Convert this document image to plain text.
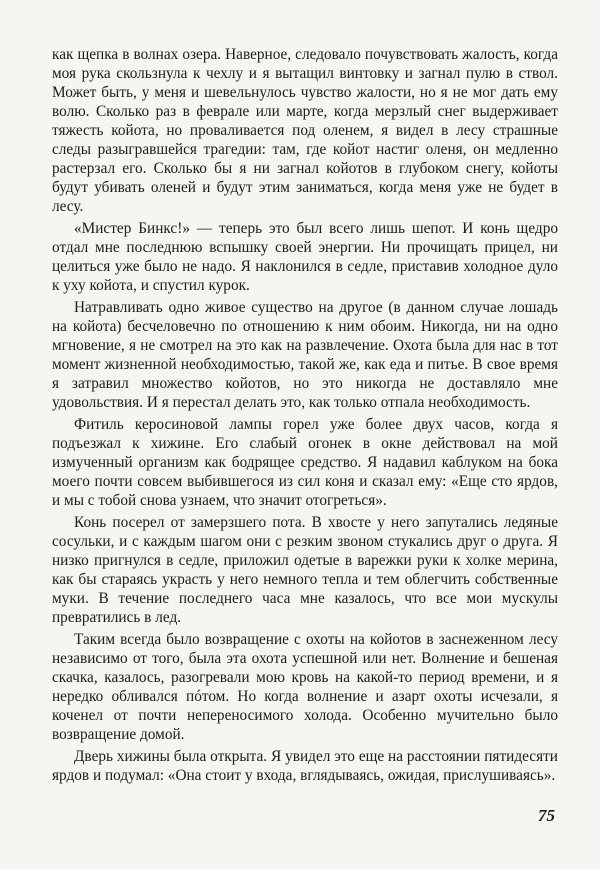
как щепка в волнах озера. Наверное, следовало почувствовать жалость, когда моя рука скользнула к чехлу и я вытащил винтовку и загнал пулю в ствол. Может быть, у меня и шевельнулось чувство жалости, но я не мог дать ему волю. Сколько раз в феврале или марте, когда мерзлый снег выдерживает тяжесть койота, но проваливается под оленем, я видел в лесу страшные следы разыгравшейся трагедии: там, где койот настиг оленя, он медленно растерзал его. Сколько бы я ни загнал койотов в глубоком снегу, койоты будут убивать оленей и будут этим заниматься, когда меня уже не будет в лесу.

«Мистер Бинкс!» — теперь это был всего лишь шепот. И конь щедро отдал мне последнюю вспышку своей энергии. Ни прочищать прицел, ни целиться уже было не надо. Я наклонился в седле, приставив холодное дуло к уху койота, и спустил курок.

Натравливать одно живое существо на другое (в данном случае лошадь на койота) бесчеловечно по отношению к ним обоим. Никогда, ни на одно мгновение, я не смотрел на это как на развлечение. Охота была для нас в тот момент жизненной необходимостью, такой же, как еда и питье. В свое время я затравил множество койотов, но это никогда не доставляло мне удовольствия. И я перестал делать это, как только отпала необходимость.

Фитиль керосиновой лампы горел уже более двух часов, когда я подъезжал к хижине. Его слабый огонек в окне действовал на мой измученный организм как бодрящее средство. Я надавил каблуком на бока моего почти совсем выбившегося из сил коня и сказал ему: «Еще сто ярдов, и мы с тобой снова узнаем, что значит отогреться».

Конь посерел от замерзшего пота. В хвосте у него запутались ледяные сосульки, и с каждым шагом они с резким звоном стукались друг о друга. Я низко пригнулся в седле, приложил одетые в варежки руки к холке мерина, как бы стараясь украсть у него немного тепла и тем облегчить собственные муки. В течение последнего часа мне казалось, что все мои мускулы превратились в лед.

Таким всегда было возвращение с охоты на койотов в заснеженном лесу независимо от того, была эта охота успешной или нет. Волнение и бешеная скачка, казалось, разогревали мою кровь на какой-то период времени, и я нередко обливался пóтом. Но когда волнение и азарт охоты исчезали, я коченел от почти непереносимого холода. Особенно мучительно было возвращение домой.

Дверь хижины была открыта. Я увидел это еще на расстоянии пятидесяти ярдов и подумал: «Она стоит у входа, вглядываясь, ожидая, прислушиваясь».

75
